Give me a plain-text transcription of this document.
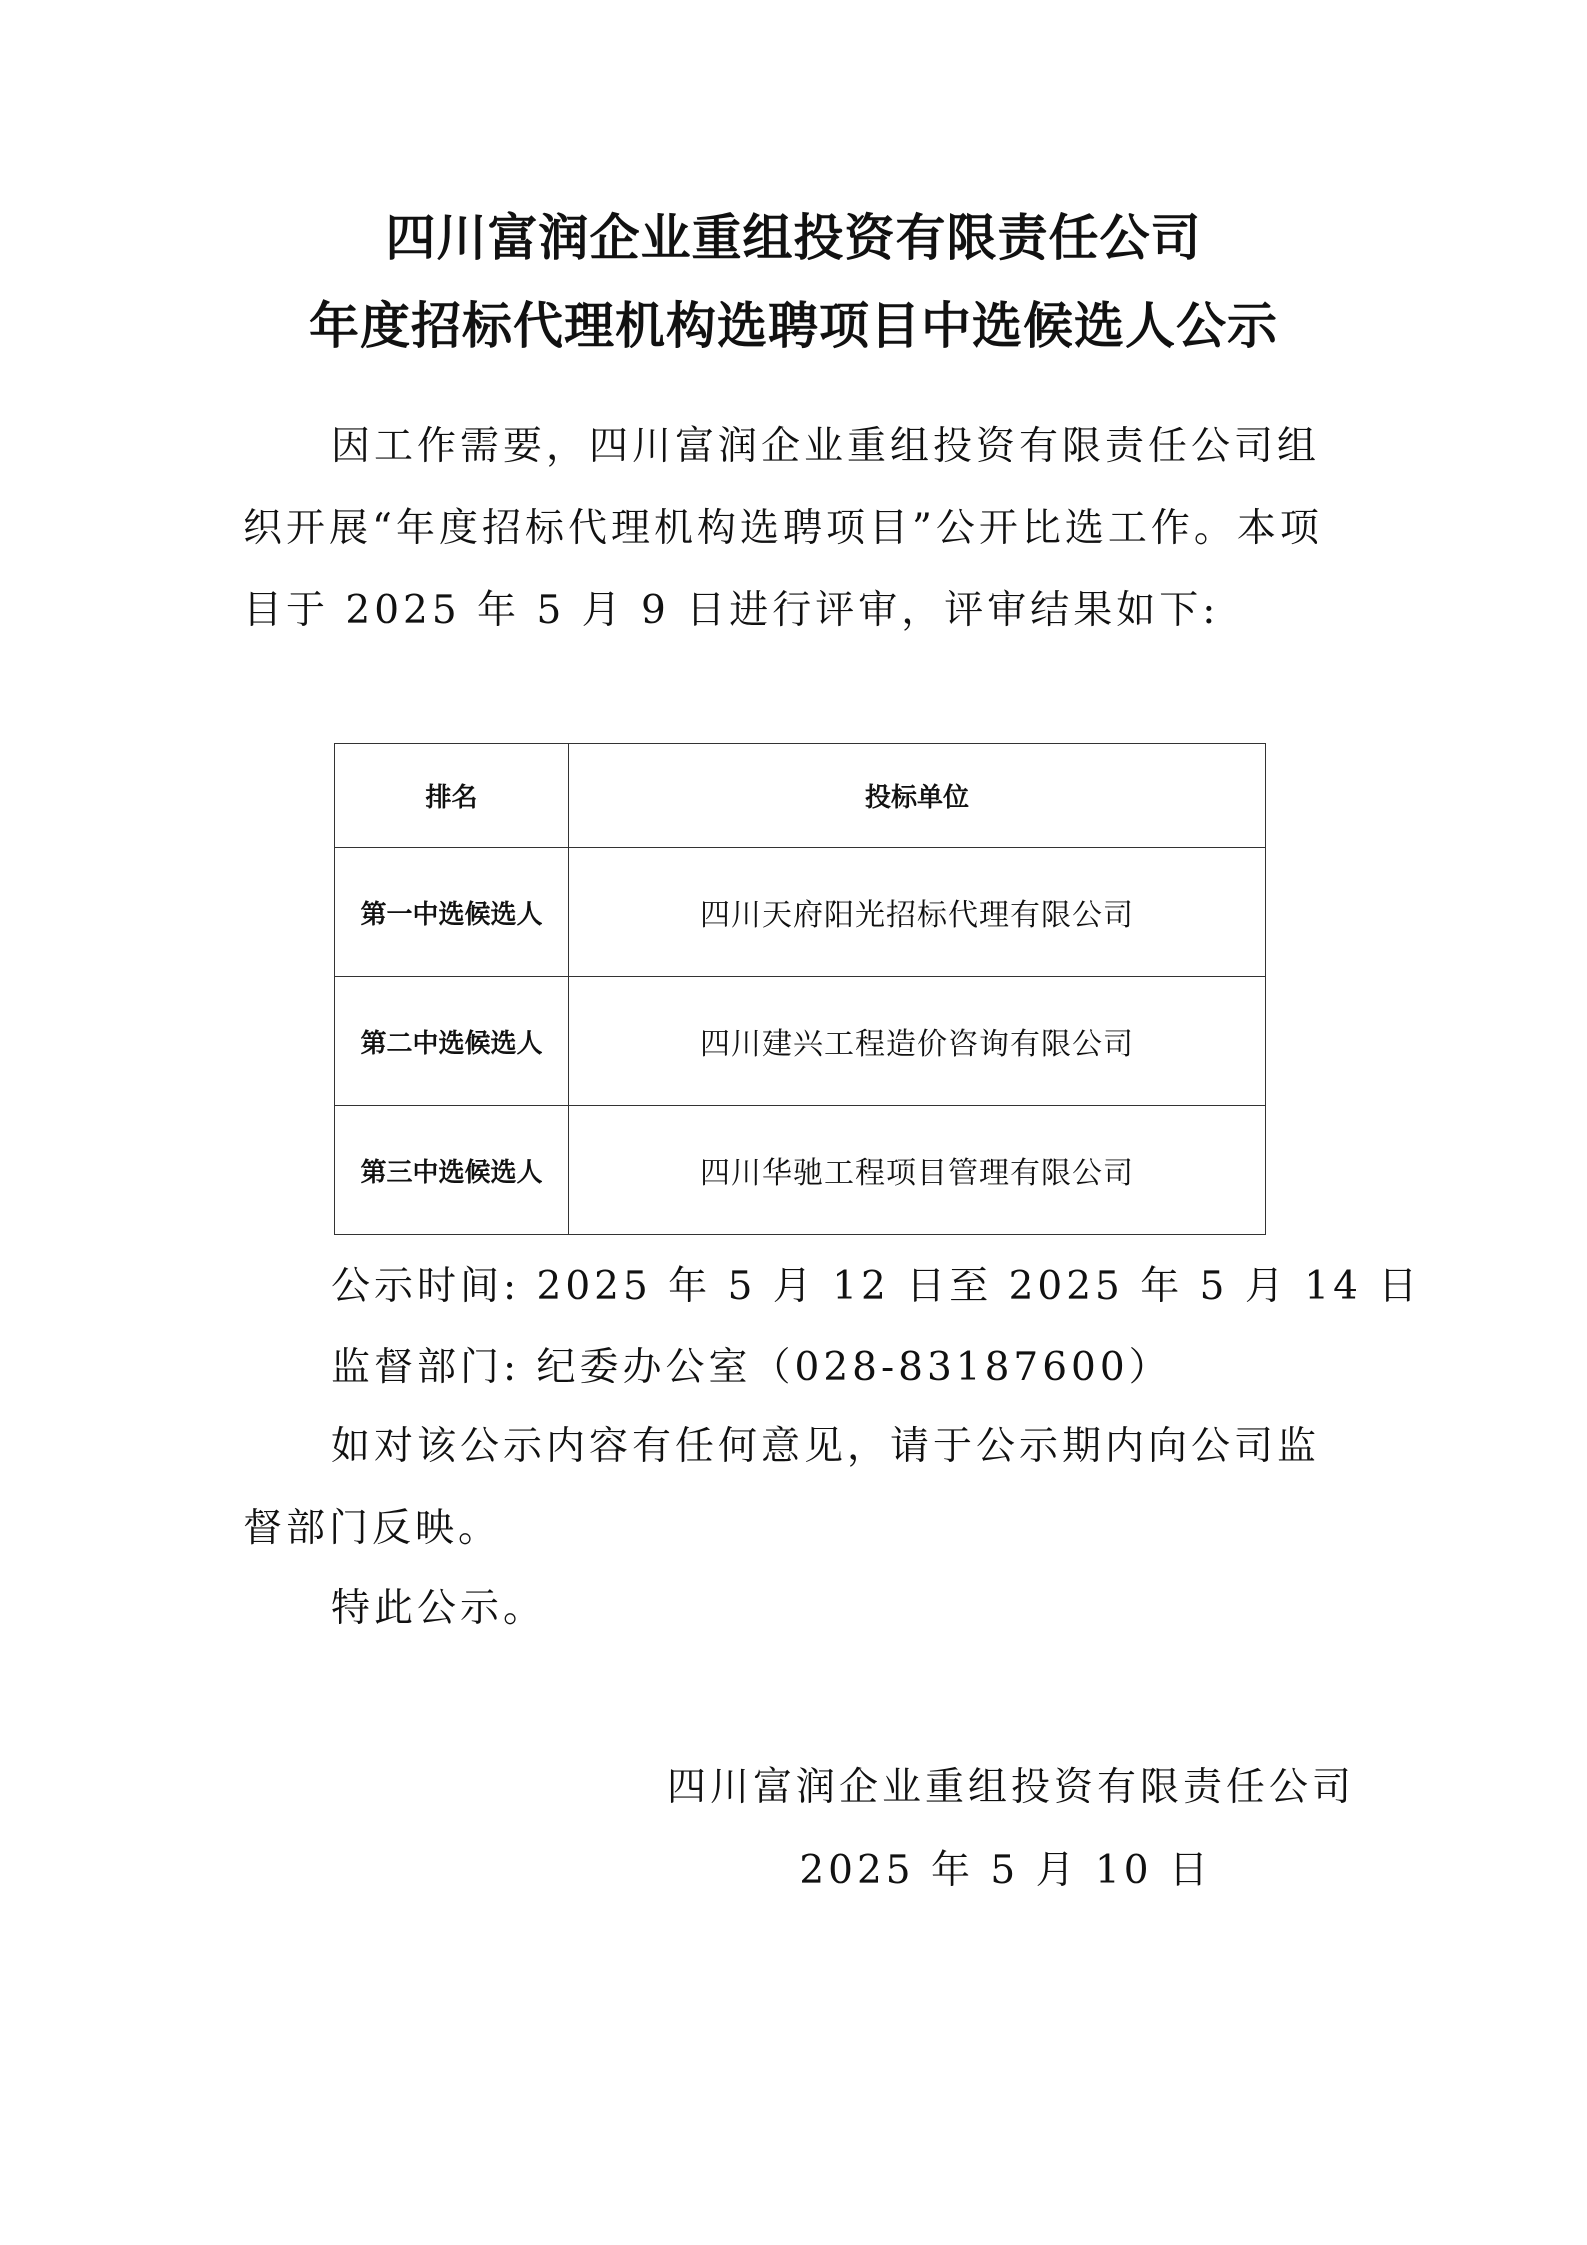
四川富润企业重组投资有限责任公司
年度招标代理机构选聘项目中选候选人公示

因工作需要，四川富润企业重组投资有限责任公司组织开展“年度招标代理机构选聘项目”公开比选工作。本项目于 2025 年 5 月 9 日进行评审，评审结果如下:

排名	投标单位
第一中选候选人	四川天府阳光招标代理有限公司
第二中选候选人	四川建兴工程造价咨询有限公司
第三中选候选人	四川华驰工程项目管理有限公司

公示时间: 2025 年 5 月 12 日至 2025 年 5 月 14 日

监督部门: 纪委办公室（028-83187600）

如对该公示内容有任何意见，请于公示期内向公司监督部门反映。

特此公示。

四川富润企业重组投资有限责任公司

2025 年 5 月 10 日
